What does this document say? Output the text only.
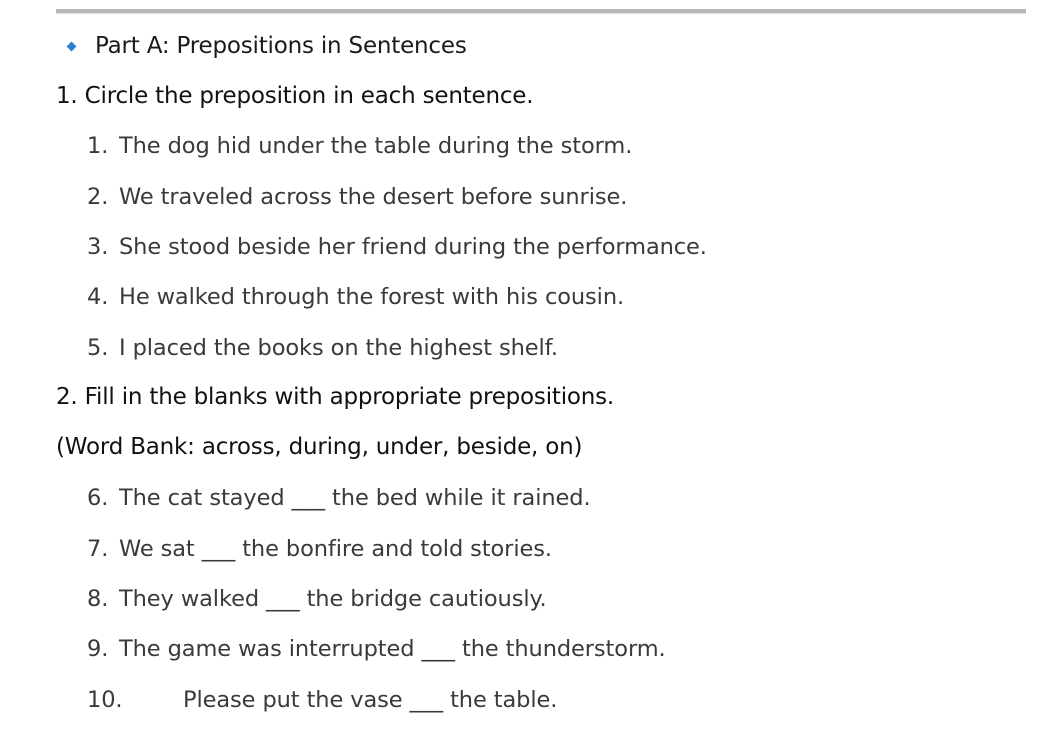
Part A: Prepositions in Sentences
1. Circle the preposition in each sentence.
1. The dog hid under the table during the storm.
2. We traveled across the desert before sunrise.
3. She stood beside her friend during the performance.
4. He walked through the forest with his cousin.
5. I placed the books on the highest shelf.
2. Fill in the blanks with appropriate prepositions.
(Word Bank: across, during, under, beside, on)
6. The cat stayed ___ the bed while it rained.
7. We sat ___ the bonfire and told stories.
8. They walked ___ the bridge cautiously.
9. The game was interrupted ___ the thunderstorm.
10.	Please put the vase ___ the table.
